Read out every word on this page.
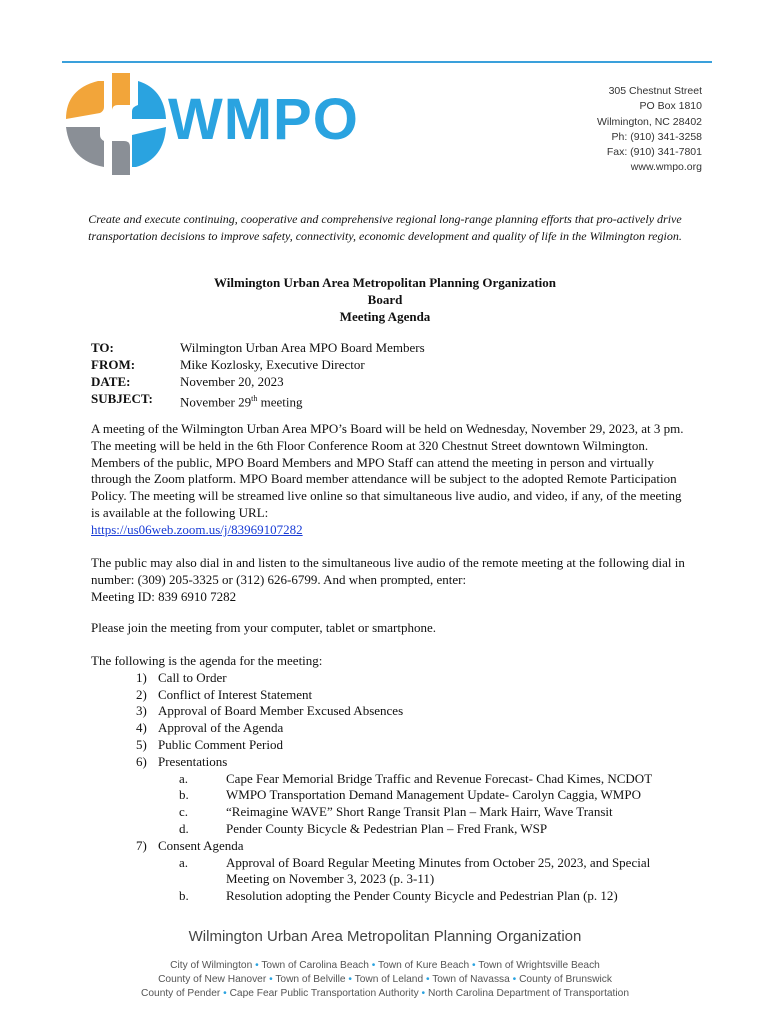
WMPO	305 Chestnut Street
PO Box 1810
Wilmington, NC 28402
Ph: (910) 341-3258
Fax: (910) 341-7801
www.wmpo.org
Create and execute continuing, cooperative and comprehensive regional long-range planning efforts that pro-actively drive transportation decisions to improve safety, connectivity, economic development and quality of life in the Wilmington region.
Wilmington Urban Area Metropolitan Planning Organization
Board
Meeting Agenda
TO:	Wilmington Urban Area MPO Board Members
FROM:	Mike Kozlosky, Executive Director
DATE:	November 20, 2023
SUBJECT:	November 29th meeting
A meeting of the Wilmington Urban Area MPO’s Board will be held on Wednesday, November 29, 2023, at 3 pm. The meeting will be held in the 6th Floor Conference Room at 320 Chestnut Street downtown Wilmington. Members of the public, MPO Board Members and MPO Staff can attend the meeting in person and virtually through the Zoom platform. MPO Board member attendance will be subject to the adopted Remote Participation Policy. The meeting will be streamed live online so that simultaneous live audio, and video, if any, of the meeting is available at the following URL:
https://us06web.zoom.us/j/83969107282
The public may also dial in and listen to the simultaneous live audio of the remote meeting at the following dial in number: (309) 205-3325 or (312) 626-6799. And when prompted, enter:
Meeting ID: 839 6910 7282
Please join the meeting from your computer, tablet or smartphone.
The following is the agenda for the meeting:
1) Call to Order
2) Conflict of Interest Statement
3) Approval of Board Member Excused Absences
4) Approval of the Agenda
5) Public Comment Period
6) Presentations
a.	Cape Fear Memorial Bridge Traffic and Revenue Forecast- Chad Kimes, NCDOT
b.	WMPO Transportation Demand Management Update- Carolyn Caggia, WMPO
c.	“Reimagine WAVE” Short Range Transit Plan – Mark Hairr, Wave Transit
d.	Pender County Bicycle & Pedestrian Plan – Fred Frank, WSP
7) Consent Agenda
a.	Approval of Board Regular Meeting Minutes from October 25, 2023, and Special Meeting on November 3, 2023 (p. 3-11)
b.	Resolution adopting the Pender County Bicycle and Pedestrian Plan (p. 12)
Wilmington Urban Area Metropolitan Planning Organization
City of Wilmington • Town of Carolina Beach • Town of Kure Beach • Town of Wrightsville Beach
County of New Hanover • Town of Belville • Town of Leland • Town of Navassa • County of Brunswick
County of Pender • Cape Fear Public Transportation Authority • North Carolina Department of Transportation
